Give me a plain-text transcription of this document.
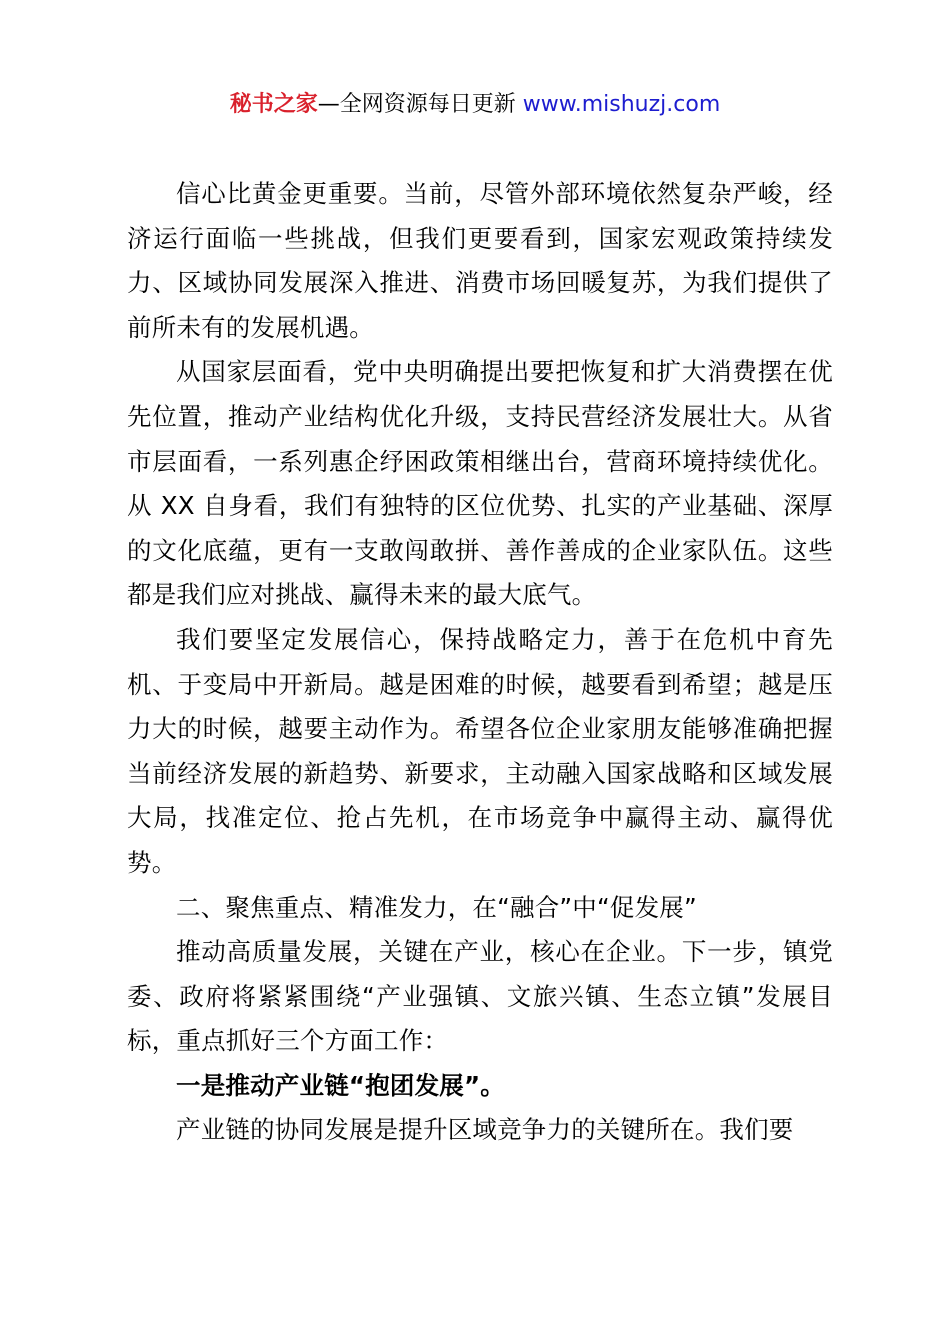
秘书之家—全网资源每日更新 www.mishuzj.com

信心比黄金更重要。当前，尽管外部环境依然复杂严峻，经济运行面临一些挑战，但我们更要看到，国家宏观政策持续发力、区域协同发展深入推进、消费市场回暖复苏，为我们提供了前所未有的发展机遇。

从国家层面看，党中央明确提出要把恢复和扩大消费摆在优先位置，推动产业结构优化升级，支持民营经济发展壮大。从省市层面看，一系列惠企纾困政策相继出台，营商环境持续优化。从 XX 自身看，我们有独特的区位优势、扎实的产业基础、深厚的文化底蕴，更有一支敢闯敢拼、善作善成的企业家队伍。这些都是我们应对挑战、赢得未来的最大底气。

我们要坚定发展信心，保持战略定力，善于在危机中育先机、于变局中开新局。越是困难的时候，越要看到希望；越是压力大的时候，越要主动作为。希望各位企业家朋友能够准确把握当前经济发展的新趋势、新要求，主动融入国家战略和区域发展大局，找准定位、抢占先机，在市场竞争中赢得主动、赢得优势。

二、聚焦重点、精准发力，在“融合”中“促发展”

推动高质量发展，关键在产业，核心在企业。下一步，镇党委、政府将紧紧围绕“产业强镇、文旅兴镇、生态立镇”发展目标，重点抓好三个方面工作：

一是推动产业链“抱团发展”。

产业链的协同发展是提升区域竞争力的关键所在。我们要
